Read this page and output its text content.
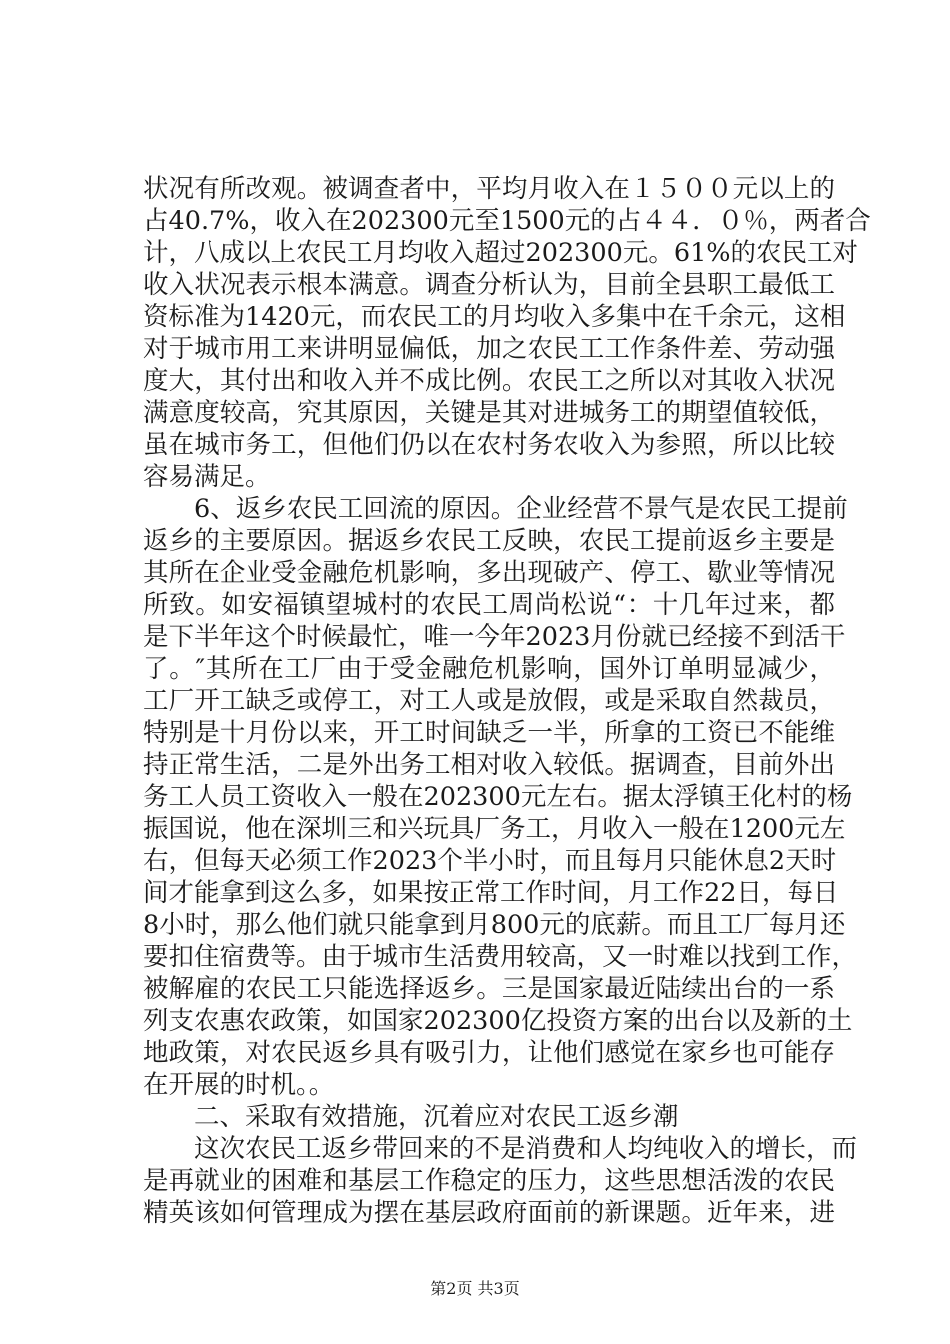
状况有所改观。被调查者中，平均月收入在１５００元以上的
占40.7%，收入在202300元至1500元的占４４．０％，两者合
计，八成以上农民工月均收入超过202300元。61%的农民工对
收入状况表示根本满意。调查分析认为，目前全县职工最低工
资标准为1420元，而农民工的月均收入多集中在千余元，这相
对于城市用工来讲明显偏低，加之农民工工作条件差、劳动强
度大，其付出和收入并不成比例。农民工之所以对其收入状况
满意度较高，究其原因，关键是其对进城务工的期望值较低，
虽在城市务工，但他们仍以在农村务农收入为参照，所以比较
容易满足。
　　6、返乡农民工回流的原因。企业经营不景气是农民工提前
返乡的主要原因。据返乡农民工反映，农民工提前返乡主要是
其所在企业受金融危机影响，多出现破产、停工、歇业等情况
所致。如安福镇望城村的农民工周尚松说“：十几年过来，都
是下半年这个时候最忙，唯一今年2023月份就已经接不到活干
了。″其所在工厂由于受金融危机影响，国外订单明显减少，
工厂开工缺乏或停工，对工人或是放假，或是采取自然裁员，
特别是十月份以来，开工时间缺乏一半，所拿的工资已不能维
持正常生活，二是外出务工相对收入较低。据调查，目前外出
务工人员工资收入一般在202300元左右。据太浮镇王化村的杨
振国说，他在深圳三和兴玩具厂务工，月收入一般在1200元左
右，但每天必须工作2023个半小时，而且每月只能休息2天时
间才能拿到这么多，如果按正常工作时间，月工作22日，每日
8小时，那么他们就只能拿到月800元的底薪。而且工厂每月还
要扣住宿费等。由于城市生活费用较高，又一时难以找到工作，
被解雇的农民工只能选择返乡。三是国家最近陆续出台的一系
列支农惠农政策，如国家202300亿投资方案的出台以及新的土
地政策，对农民返乡具有吸引力，让他们感觉在家乡也可能存
在开展的时机。。
　　二、采取有效措施，沉着应对农民工返乡潮
　　这次农民工返乡带回来的不是消费和人均纯收入的增长，而
是再就业的困难和基层工作稳定的压力，这些思想活泼的农民
精英该如何管理成为摆在基层政府面前的新课题。近年来，进
第2页 共3页
